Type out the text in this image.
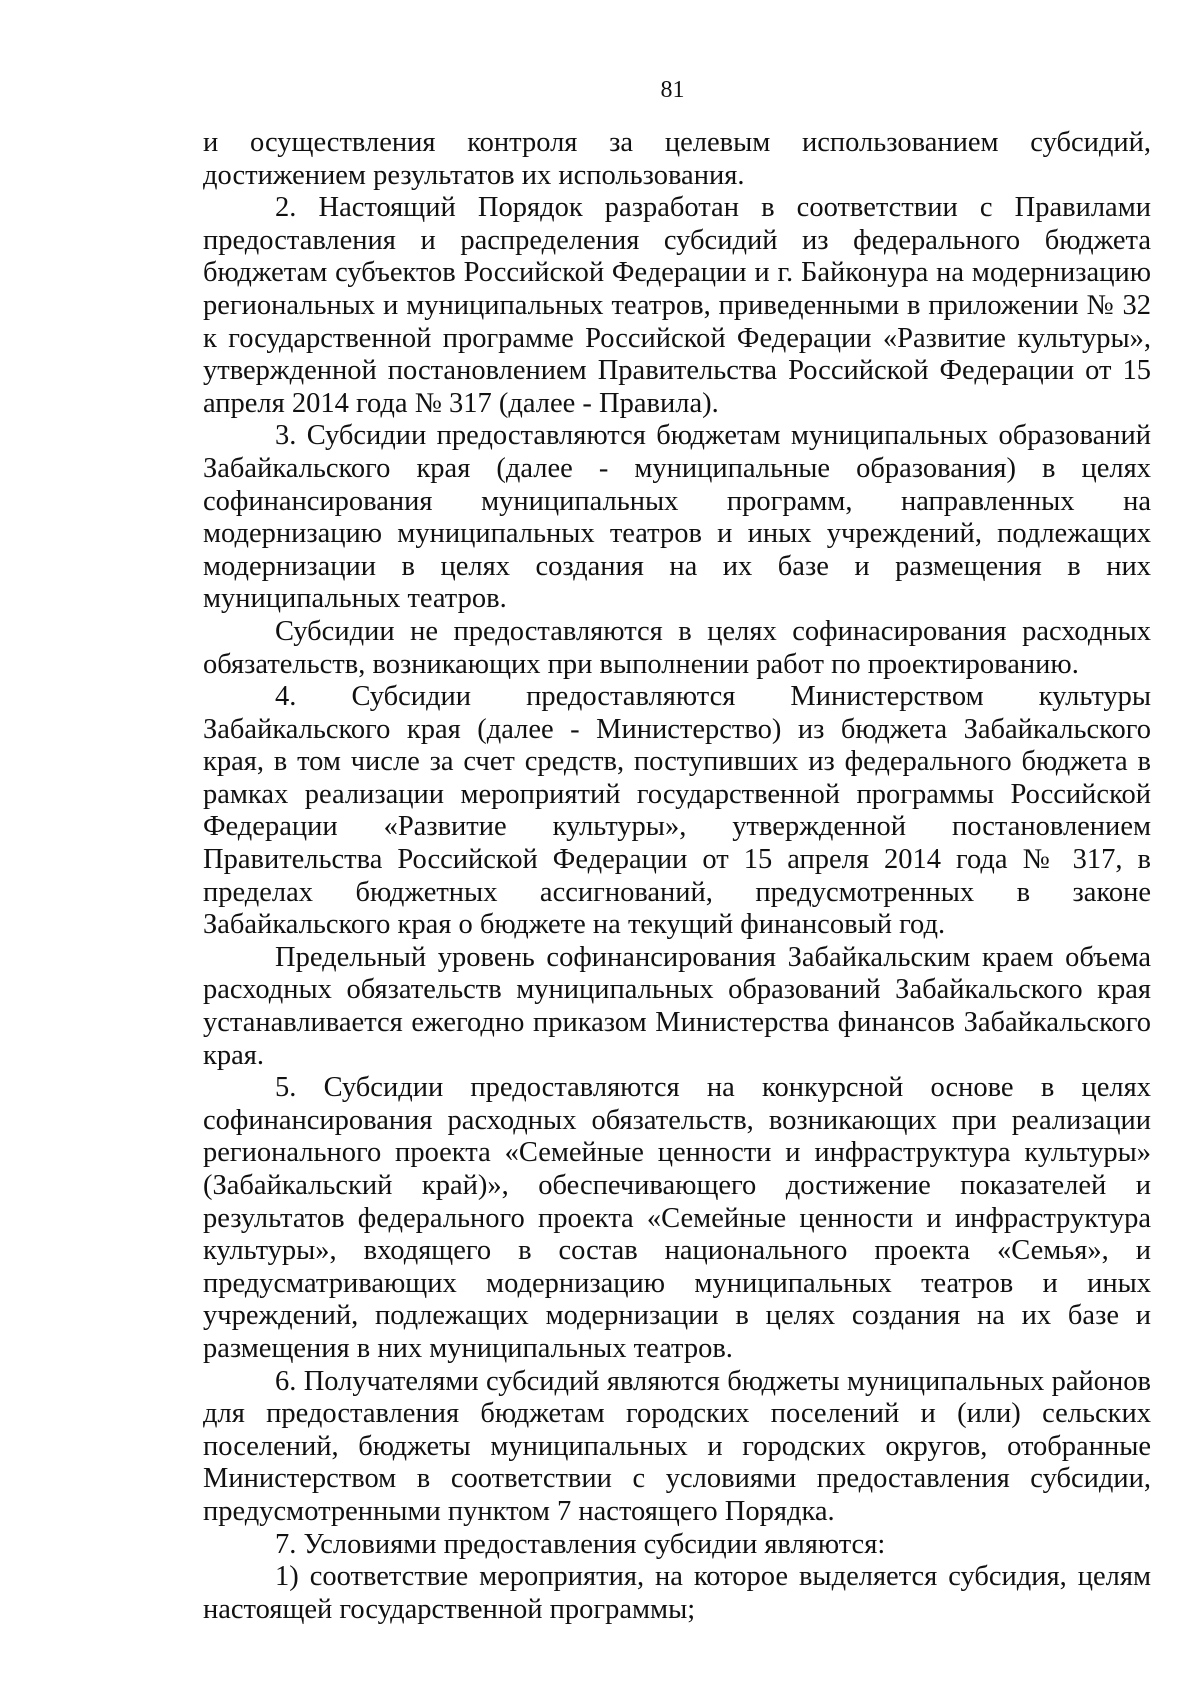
81

и осуществления контроля за целевым использованием субсидий, достижением результатов их использования.

2. Настоящий Порядок разработан в соответствии с Правилами предоставления и распределения субсидий из федерального бюджета бюджетам субъектов Российской Федерации и г. Байконура на модернизацию региональных и муниципальных театров, приведенными в приложении № 32 к государственной программе Российской Федерации «Развитие культуры», утвержденной постановлением Правительства Российской Федерации от 15 апреля 2014 года № 317 (далее - Правила).

3. Субсидии предоставляются бюджетам муниципальных образований Забайкальского края (далее - муниципальные образования) в целях софинансирования муниципальных программ, направленных на модернизацию муниципальных театров и иных учреждений, подлежащих модернизации в целях создания на их базе и размещения в них муниципальных театров.

Субсидии не предоставляются в целях софинасирования расходных обязательств, возникающих при выполнении работ по проектированию.

4. Субсидии предоставляются Министерством культуры Забайкальского края (далее - Министерство) из бюджета Забайкальского края, в том числе за счет средств, поступивших из федерального бюджета в рамках реализации мероприятий государственной программы Российской Федерации «Развитие культуры», утвержденной постановлением Правительства Российской Федерации от 15 апреля 2014 года № 317, в пределах бюджетных ассигнований, предусмотренных в законе Забайкальского края о бюджете на текущий финансовый год.

Предельный уровень софинансирования Забайкальским краем объема расходных обязательств муниципальных образований Забайкальского края устанавливается ежегодно приказом Министерства финансов Забайкальского края.

5. Субсидии предоставляются на конкурсной основе в целях софинансирования расходных обязательств, возникающих при реализации регионального проекта «Семейные ценности и инфраструктура культуры» (Забайкальский край)», обеспечивающего достижение показателей и результатов федерального проекта «Семейные ценности и инфраструктура культуры», входящего в состав национального проекта «Семья», и предусматривающих модернизацию муниципальных театров и иных учреждений, подлежащих модернизации в целях создания на их базе и размещения в них муниципальных театров.

6. Получателями субсидий являются бюджеты муниципальных районов для предоставления бюджетам городских поселений и (или) сельских поселений, бюджеты муниципальных и городских округов, отобранные Министерством в соответствии с условиями предоставления субсидии, предусмотренными пунктом 7 настоящего Порядка.

7. Условиями предоставления субсидии являются:

1) соответствие мероприятия, на которое выделяется субсидия, целям настоящей государственной программы;
